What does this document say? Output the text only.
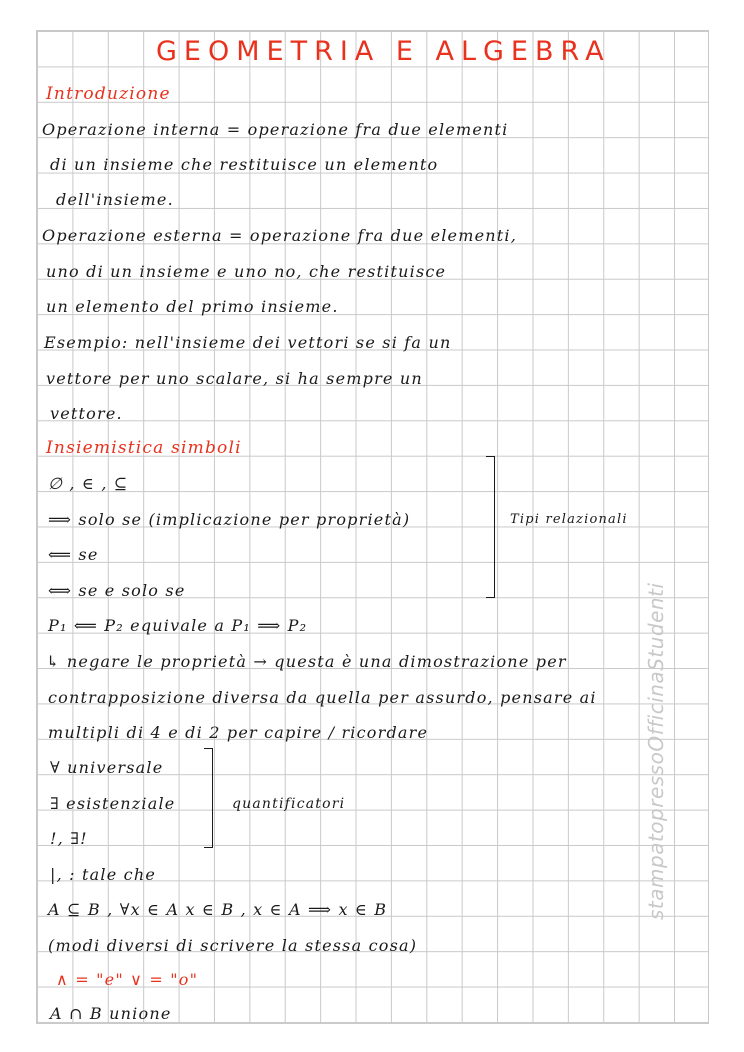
GEOMETRIA E ALGEBRA

Introduzione

Operazione interna = operazione fra due elementi

di un insieme che restituisce un elemento

dell'insieme.

Operazione esterna = operazione fra due elementi,

uno di un insieme e uno no, che restituisce

un elemento del primo insieme.

Esempio: nell'insieme dei vettori se si fa un

vettore per uno scalare, si ha sempre un

vettore.

Insiemistica simboli

∅ , ∈ , ⊆

⟹ solo se (implicazione per proprietà)

⟸ se

⟺ se e solo se

Tipi relazionali

P₁ ⟸ P₂ equivale a P₁ ⟹ P₂

↳ negare le proprietà → questa è una dimostrazione per

contrapposizione diversa da quella per assurdo, pensare ai

multipli di 4 e di 2 per capire / ricordare

∀ universale

∃ esistenziale

!, ∃!

quantificatori

|, : tale che

A ⊆ B , ∀x ∈ A x ∈ B , x ∈ A ⟹ x ∈ B

(modi diversi di scrivere la stessa cosa)

∧ = "e" ∨ = "o"

A ∩ B unione

stampatopressoOfficinaStudenti
